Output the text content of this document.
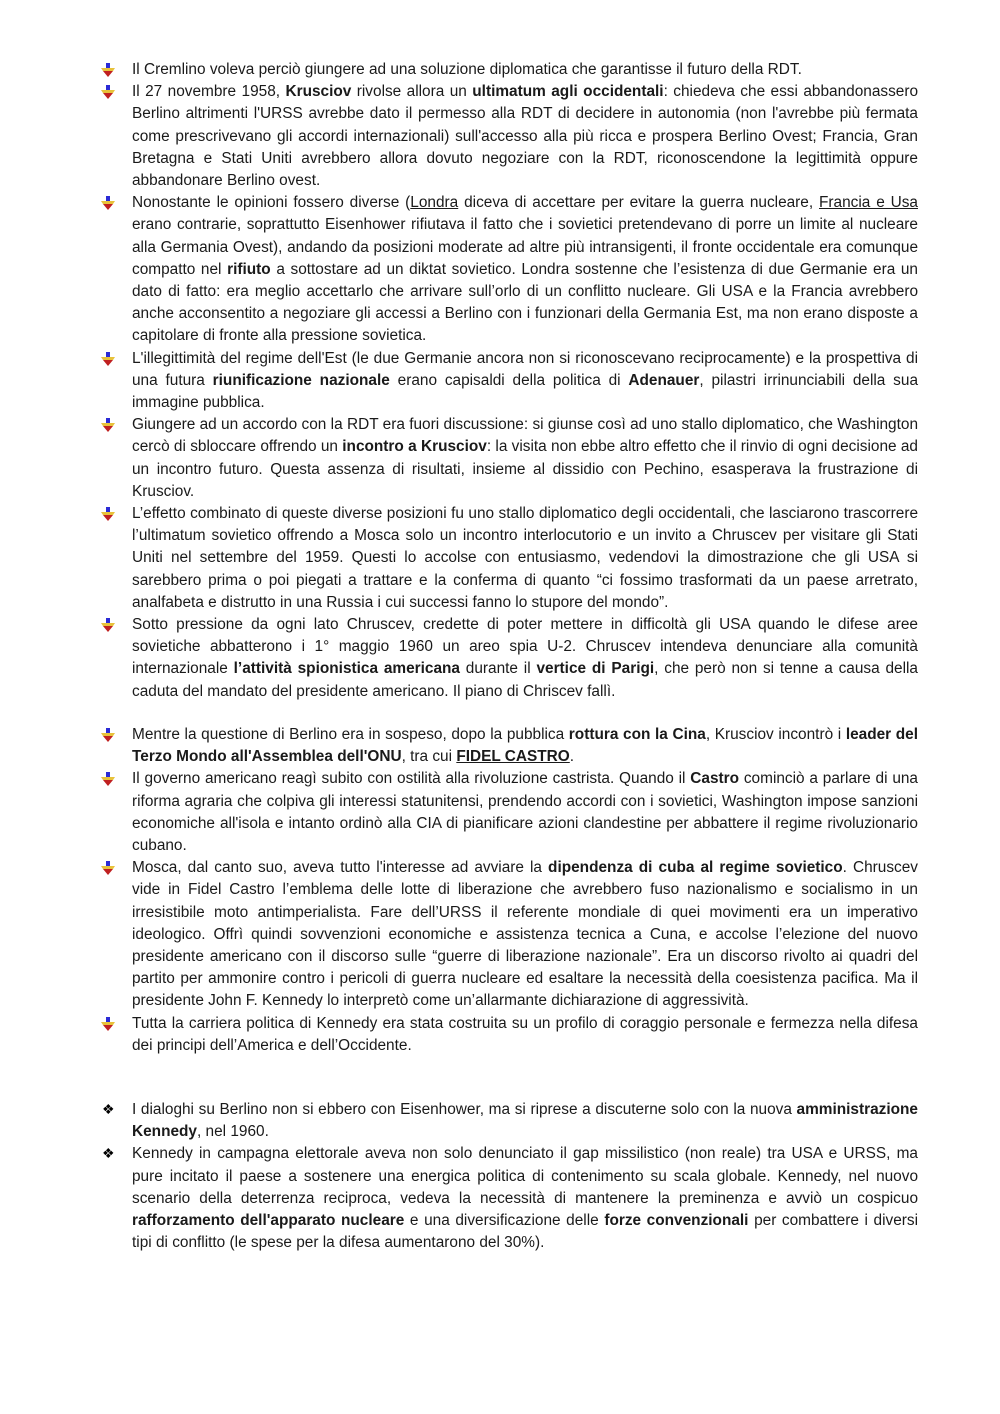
Il Cremlino voleva perciò giungere ad una soluzione diplomatica che garantisse il futuro della RDT.
Il 27 novembre 1958, Krusciov rivolse allora un ultimatum agli occidentali: chiedeva che essi abbandonassero Berlino altrimenti l'URSS avrebbe dato il permesso alla RDT di decidere in autonomia (non l'avrebbe più fermata come prescrivevano gli accordi internazionali) sull'accesso alla più ricca e prospera Berlino Ovest; Francia, Gran Bretagna e Stati Uniti avrebbero allora dovuto negoziare con la RDT, riconoscendone la legittimità oppure abbandonare Berlino ovest.
Nonostante le opinioni fossero diverse (Londra diceva di accettare per evitare la guerra nucleare, Francia e Usa erano contrarie, soprattutto Eisenhower rifiutava il fatto che i sovietici pretendevano di porre un limite al nucleare alla Germania Ovest), andando da posizioni moderate ad altre più intransigenti, il fronte occidentale era comunque compatto nel rifiuto a sottostare ad un diktat sovietico. Londra sostenne che l’esistenza di due Germanie era un dato di fatto: era meglio accettarlo che arrivare sull’orlo di un conflitto nucleare. Gli USA e la Francia avrebbero anche acconsentito a negoziare gli accessi a Berlino con i funzionari della Germania Est, ma non erano disposte a capitolare di fronte alla pressione sovietica.
L'illegittimità del regime dell'Est (le due Germanie ancora non si riconoscevano reciprocamente) e la prospettiva di una futura riunificazione nazionale erano capisaldi della politica di Adenauer, pilastri irrinunciabili della sua immagine pubblica.
Giungere ad un accordo con la RDT era fuori discussione: si giunse così ad uno stallo diplomatico, che Washington cercò di sbloccare offrendo un incontro a Krusciov: la visita non ebbe altro effetto che il rinvio di ogni decisione ad un incontro futuro. Questa assenza di risultati, insieme al dissidio con Pechino, esasperava la frustrazione di Krusciov.
L’effetto combinato di queste diverse posizioni fu uno stallo diplomatico degli occidentali, che lasciarono trascorrere l’ultimatum sovietico offrendo a Mosca solo un incontro interlocutorio e un invito a Chruscev per visitare gli Stati Uniti nel settembre del 1959. Questi lo accolse con entusiasmo, vedendovi la dimostrazione che gli USA si sarebbero prima o poi piegati a trattare e la conferma di quanto “ci fossimo trasformati da un paese arretrato, analfabeta e distrutto in una Russia i cui successi fanno lo stupore del mondo”.
Sotto pressione da ogni lato Chruscev, credette di poter mettere in difficoltà gli USA quando le difese aree sovietiche abbatterono i 1° maggio 1960 un areo spia U-2. Chruscev intendeva denunciare alla comunità internazionale l’attività spionistica americana durante il vertice di Parigi, che però non si tenne a causa della caduta del mandato del presidente americano. Il piano di Chriscev fallì.
Mentre la questione di Berlino era in sospeso, dopo la pubblica rottura con la Cina, Krusciov incontrò i leader del Terzo Mondo all'Assemblea dell'ONU, tra cui FIDEL CASTRO.
Il governo americano reagì subito con ostilità alla rivoluzione castrista. Quando il Castro cominciò a parlare di una riforma agraria che colpiva gli interessi statunitensi, prendendo accordi con i sovietici, Washington impose sanzioni economiche all'isola e intanto ordinò alla CIA di pianificare azioni clandestine per abbattere il regime rivoluzionario cubano.
Mosca, dal canto suo, aveva tutto l'interesse ad avviare la dipendenza di cuba al regime sovietico. Chruscev vide in Fidel Castro l’emblema delle lotte di liberazione che avrebbero fuso nazionalismo e socialismo in un irresistibile moto antimperialista. Fare dell’URSS il referente mondiale di quei movimenti era un imperativo ideologico. Offrì quindi sovvenzioni economiche e assistenza tecnica a Cuna, e accolse l’elezione del nuovo presidente americano con il discorso sulle “guerre di liberazione nazionale”. Era un discorso rivolto ai quadri del partito per ammonire contro i pericoli di guerra nucleare ed esaltare la necessità della coesistenza pacifica. Ma il presidente John F. Kennedy lo interpretò come un’allarmante dichiarazione di aggressività.
Tutta la carriera politica di Kennedy era stata costruita su un profilo di coraggio personale e fermezza nella difesa dei principi dell’America e dell’Occidente.
❖ I dialoghi su Berlino non si ebbero con Eisenhower, ma si riprese a discuterne solo con la nuova amministrazione Kennedy, nel 1960.
❖ Kennedy in campagna elettorale aveva non solo denunciato il gap missilistico (non reale) tra USA e URSS, ma pure incitato il paese a sostenere una energica politica di contenimento su scala globale. Kennedy, nel nuovo scenario della deterrenza reciproca, vedeva la necessità di mantenere la preminenza e avviò un cospicuo rafforzamento dell'apparato nucleare e una diversificazione delle forze convenzionali per combattere i diversi tipi di conflitto (le spese per la difesa aumentarono del 30%).
